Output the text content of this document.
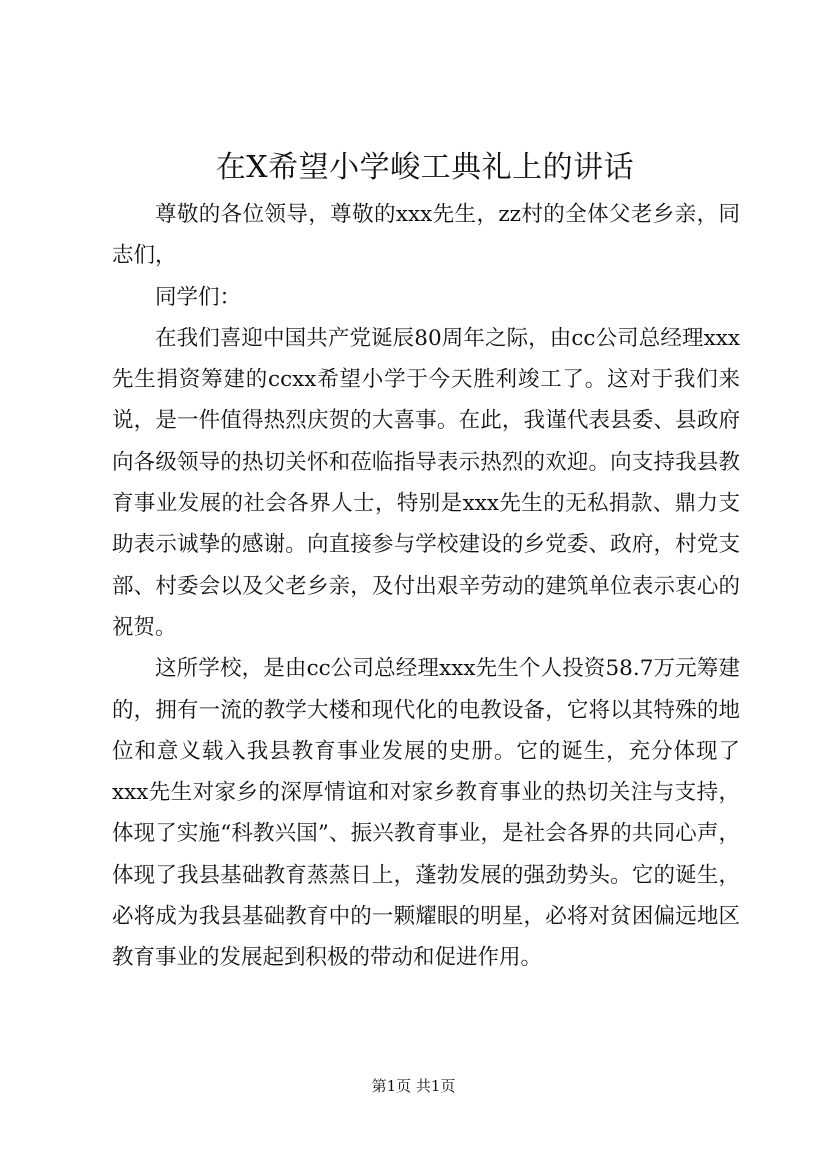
在X希望小学峻工典礼上的讲话

尊敬的各位领导，尊敬的xxx先生，zz村的全体父老乡亲，同志们，

同学们：

在我们喜迎中国共产党诞辰80周年之际，由cc公司总经理xxx先生捐资筹建的ccxx希望小学于今天胜利竣工了。这对于我们来说，是一件值得热烈庆贺的大喜事。在此，我谨代表县委、县政府向各级领导的热切关怀和莅临指导表示热烈的欢迎。向支持我县教育事业发展的社会各界人士，特别是xxx先生的无私捐款、鼎力支助表示诚挚的感谢。向直接参与学校建设的乡党委、政府，村党支部、村委会以及父老乡亲，及付出艰辛劳动的建筑单位表示衷心的祝贺。

这所学校，是由cc公司总经理xxx先生个人投资58.7万元筹建的，拥有一流的教学大楼和现代化的电教设备，它将以其特殊的地位和意义载入我县教育事业发展的史册。它的诞生，充分体现了xxx先生对家乡的深厚情谊和对家乡教育事业的热切关注与支持，体现了实施“科教兴国”、振兴教育事业，是社会各界的共同心声，体现了我县基础教育蒸蒸日上，蓬勃发展的强劲势头。它的诞生，必将成为我县基础教育中的一颗耀眼的明星，必将对贫困偏远地区教育事业的发展起到积极的带动和促进作用。

第1页 共1页
